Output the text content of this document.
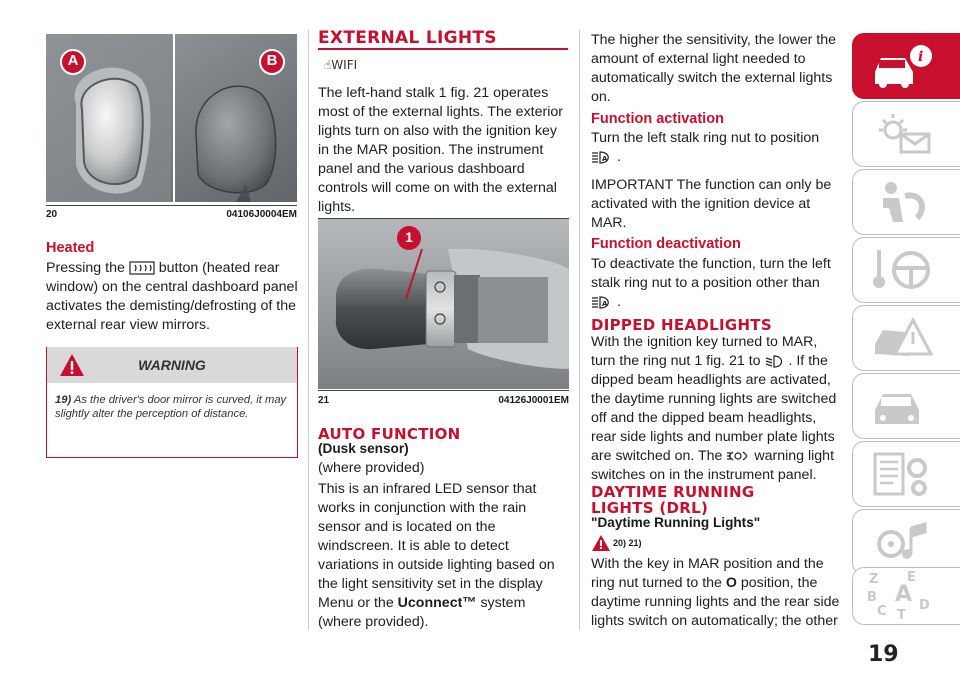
A	B
20	04106J0004EM
Heated
Pressing the button (heated rear window) on the central dashboard panel activates the demisting/defrosting of the external rear view mirrors.
WARNING
19) As the driver's door mirror is curved, it may slightly alter the perception of distance.
EXTERNAL LIGHTS
☝WIFI
The left-hand stalk 1 fig. 21 operates most of the external lights. The exterior lights turn on also with the ignition key in the MAR position. The instrument panel and the various dashboard controls will come on with the external lights.
1
21	04126J0001EM
AUTO FUNCTION
(Dusk sensor)
(where provided)
This is an infrared LED sensor that works in conjunction with the rain sensor and is located on the windscreen. It is able to detect variations in outside lighting based on the light sensitivity set in the display Menu or the Uconnect™ system (where provided).
The higher the sensitivity, the lower the amount of external light needed to automatically switch the external lights on.
Function activation
Turn the left stalk ring nut to position
A .
IMPORTANT The function can only be activated with the ignition device at MAR.
Function deactivation
To deactivate the function, turn the left stalk ring nut to a position other than
A .
DIPPED HEADLIGHTS
With the ignition key turned to MAR, turn the ring nut 1 fig. 21 to . If the dipped beam headlights are activated, the daytime running lights are switched off and the dipped beam headlights, rear side lights and number plate lights are switched on. The warning light switches on in the instrument panel.
DAYTIME RUNNING
LIGHTS (DRL)
"Daytime Running Lights"
20) 21)
With the key in MAR position and the ring nut turned to the O position, the daytime running lights and the rear side lights switch on automatically; the other
i
Z E
B A
C D
T
19
